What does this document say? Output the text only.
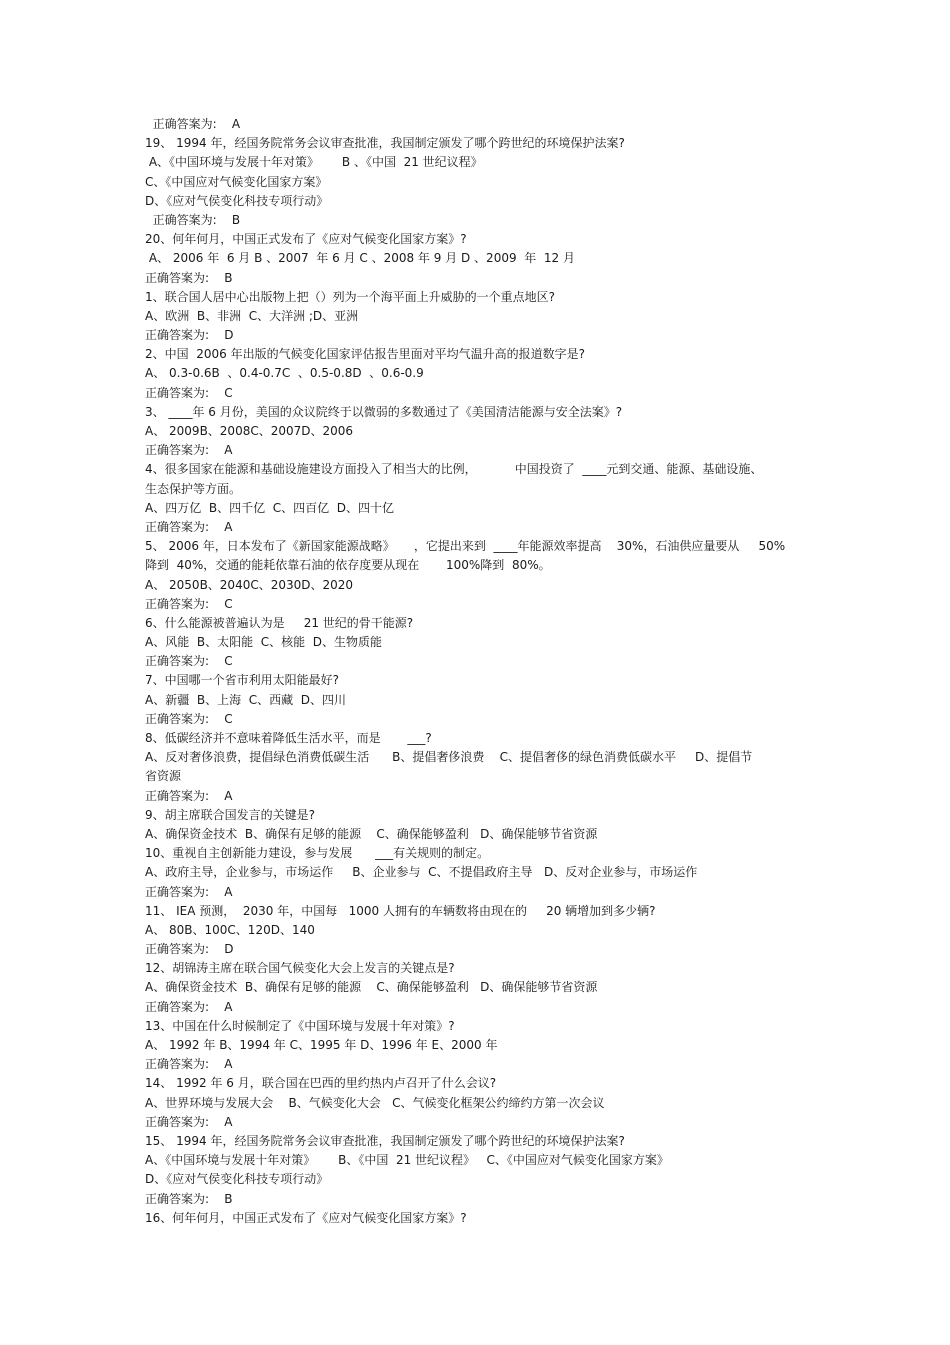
正确答案为:    A
19、 1994 年，经国务院常务会议审查批准，我国制定颁发了哪个跨世纪的环境保护法案?
A、《中国环境与发展十年对策》      B 、《中国  21 世纪议程》
C、《中国应对气候变化国家方案》
D、《应对气侯变化科技专项行动》
正确答案为:    B
20、何年何月，中国正式发布了《应对气候变化国家方案》?
A、 2006 年  6 月 B 、2007  年 6 月 C 、2008 年 9 月 D 、2009  年  12 月
正确答案为:    B
1、联合国人居中心出版物上把（）列为一个海平面上升威胁的一个重点地区?
A、欧洲  B、非洲  C、大洋洲 ;D、亚洲
正确答案为:    D
2、中国  2006 年出版的气候变化国家评估报告里面对平均气温升高的报道数字是?
A、 0.3-0.6B  、0.4-0.7C  、0.5-0.8D  、0.6-0.9
正确答案为:    C
3、 ____年 6 月份，美国的众议院终于以微弱的多数通过了《美国清洁能源与安全法案》?
A、 2009B、2008C、2007D、2006
正确答案为:    A
4、很多国家在能源和基础设施建设方面投入了相当大的比例，          中国投资了  ____元到交通、能源、基础设施、
生态保护等方面。
A、四万亿  B、四千亿  C、四百亿  D、四十亿
正确答案为:    A
5、 2006 年，日本发布了《新国家能源战略》     ，它提出来到  ____年能源效率提高    30%，石油供应量要从     50%
降到  40%，交通的能耗依靠石油的依存度要从现在       100%降到  80%。
A、 2050B、2040C、2030D、2020
正确答案为:    C
6、什么能源被普遍认为是     21 世纪的骨干能源?
A、风能  B、太阳能  C、核能  D、生物质能
正确答案为:    C
7、中国哪一个省市利用太阳能最好?
A、新疆  B、上海  C、西藏  D、四川
正确答案为:    C
8、低碳经济并不意味着降低生活水平，而是       ___?
A、反对奢侈浪费，提倡绿色消费低碳生活      B、提倡奢侈浪费    C、提倡奢侈的绿色消费低碳水平     D、提倡节
省资源
正确答案为:    A
9、胡主席联合国发言的关键是?
A、确保资金技术  B、确保有足够的能源    C、确保能够盈利   D、确保能够节省资源
10、重视自主创新能力建设，参与发展      ___有关规则的制定。
A、政府主导，企业参与，市场运作     B、企业参与  C、不提倡政府主导   D、反对企业参与，市场运作
正确答案为:    A
11、 IEA 预测，  2030 年，中国每   1000 人拥有的车辆数将由现在的     20 辆增加到多少辆?
A、 80B、100C、120D、140
正确答案为:    D
12、胡锦涛主席在联合国气候变化大会上发言的关键点是?
A、确保资金技术  B、确保有足够的能源    C、确保能够盈利   D、确保能够节省资源
正确答案为:    A
13、中国在什么时候制定了《中国环境与发展十年对策》?
A、 1992 年 B、1994 年 C、1995 年 D、1996 年 E、2000 年
正确答案为:    A
14、 1992 年 6 月，联合国在巴西的里约热内卢召开了什么会议?
A、世界环境与发展大会    B、气候变化大会   C、气候变化框架公约缔约方第一次会议
正确答案为:    A
15、 1994 年，经国务院常务会议审查批准，我国制定颁发了哪个跨世纪的环境保护法案?
A、《中国环境与发展十年对策》      B、《中国  21 世纪议程》   C、《中国应对气候变化国家方案》
D、《应对气侯变化科技专项行动》
正确答案为:    B
16、何年何月，中国正式发布了《应对气候变化国家方案》?
